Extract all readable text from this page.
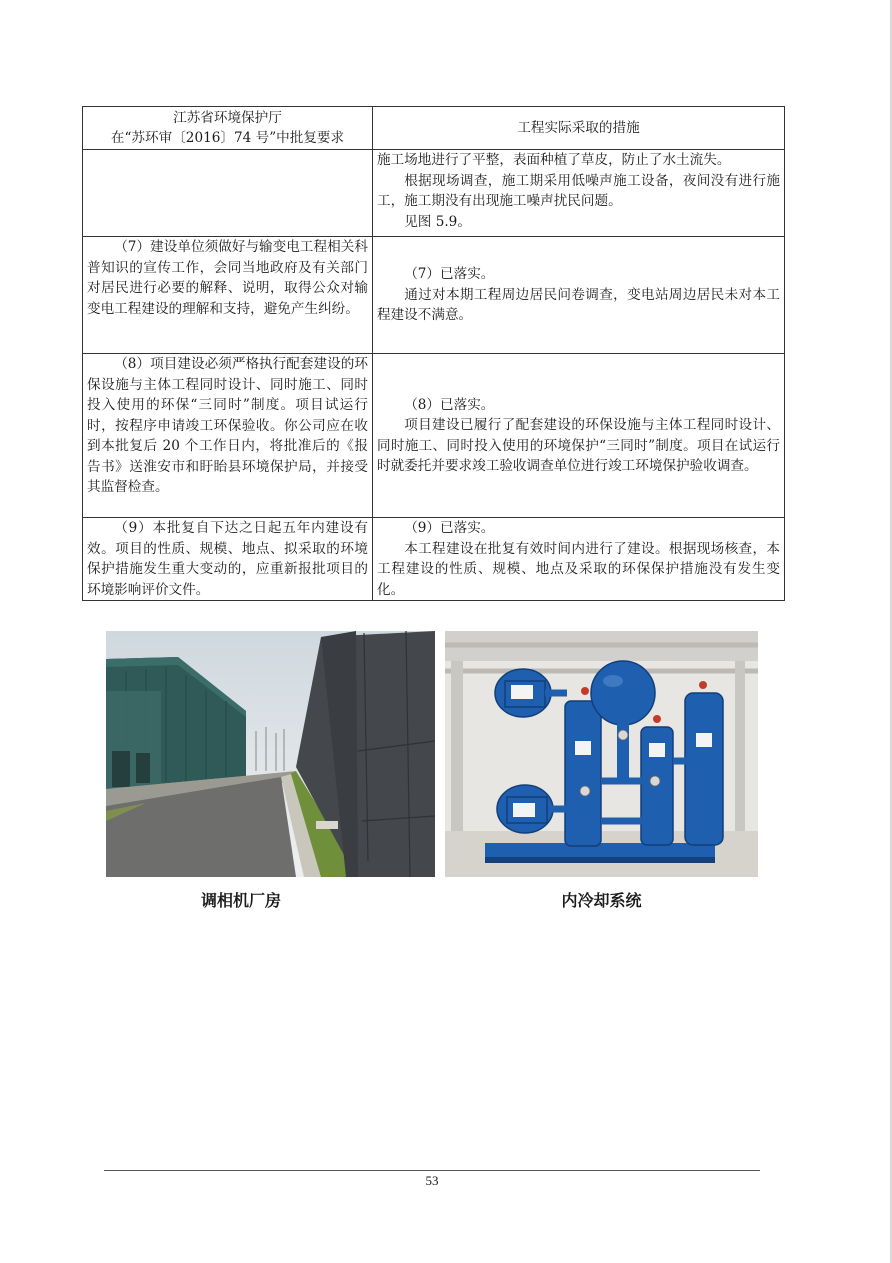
江苏省环境保护厅
在“苏环审〔2016〕74 号”中批复要求	工程实际采取的措施

	施工场地进行了平整，表面种植了草皮，防止了水土流失。

根据现场调查，施工期采用低噪声施工设备，夜间没有进行施工，施工期没有出现施工噪声扰民问题。

见图 5.9。

（7）建设单位须做好与输变电工程相关科普知识的宣传工作，会同当地政府及有关部门对居民进行必要的解释、说明，取得公众对输变电工程建设的理解和支持，避免产生纠纷。	（7）已落实。

通过对本期工程周边居民问卷调查，变电站周边居民未对本工程建设不满意。

（8）项目建设必须严格执行配套建设的环保设施与主体工程同时设计、同时施工、同时投入使用的环保“三同时”制度。项目试运行时，按程序申请竣工环保验收。你公司应在收到本批复后 20 个工作日内，将批准后的《报告书》送淮安市和盱眙县环境保护局，并接受其监督检查。	（8）已落实。

项目建设已履行了配套建设的环保设施与主体工程同时设计、同时施工、同时投入使用的环境保护“三同时”制度。项目在试运行时就委托并要求竣工验收调查单位进行竣工环境保护验收调查。

（9）本批复自下达之日起五年内建设有效。项目的性质、规模、地点、拟采取的环境保护措施发生重大变动的，应重新报批项目的环境影响评价文件。	（9）已落实。

本工程建设在批复有效时间内进行了建设。根据现场核查，本工程建设的性质、规模、地点及采取的环保保护措施没有发生变化。

调相机厂房	内冷却系统
53
